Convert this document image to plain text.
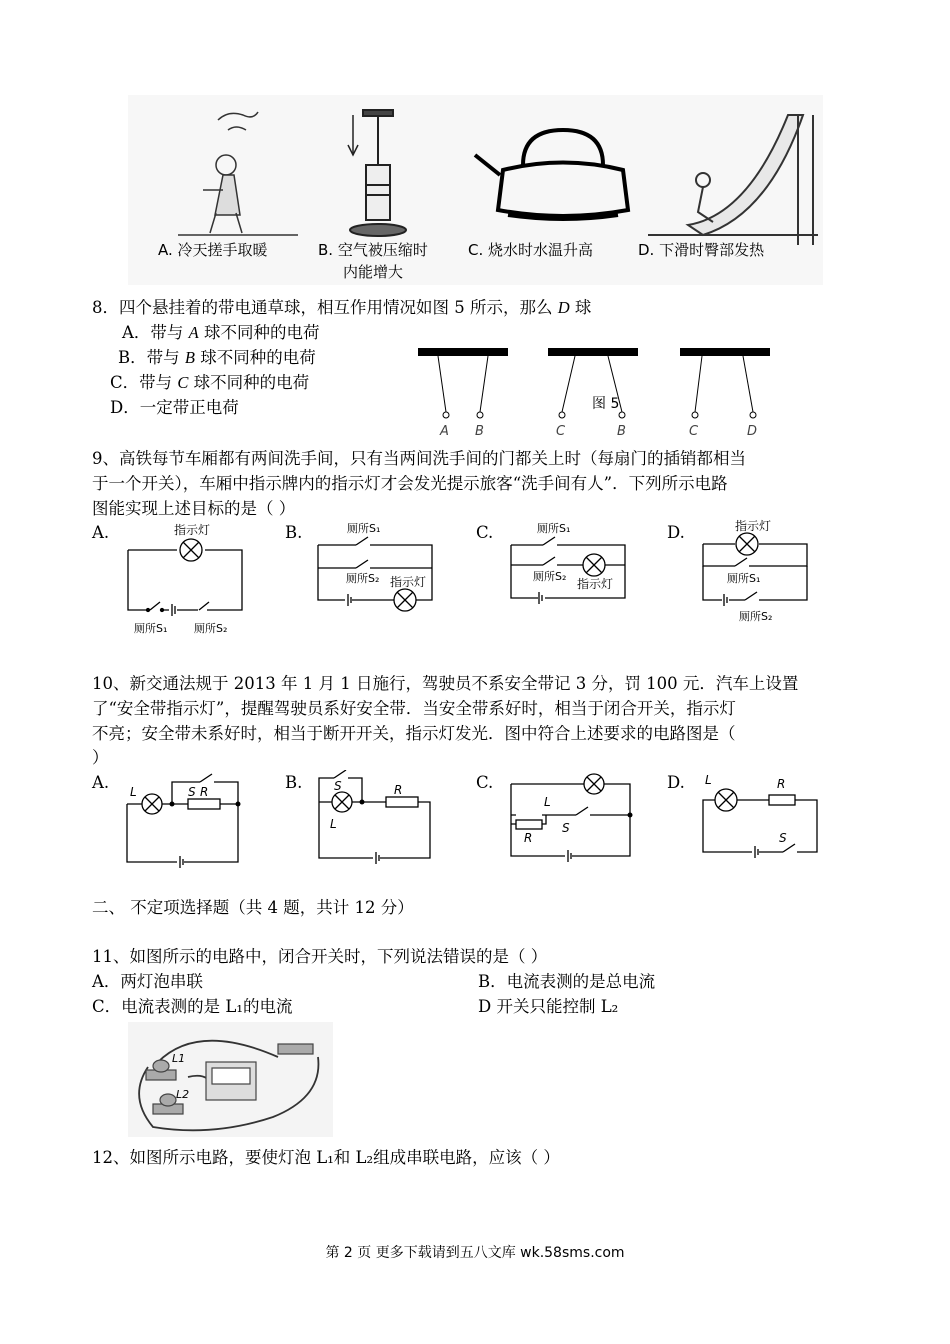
A. 冷天搓手取暖	B. 空气被压缩时
内能增大
C. 烧水时水温升高	D. 下滑时臀部发热
8．四个悬挂着的带电通草球，相互作用情况如图 5 所示，那么 D 球
A．带与 A 球不同种的电荷
B．带与 B 球不同种的电荷
C．带与 C 球不同种的电荷
D．一定带正电荷	图 5
A B	C	B	C	D
9、高铁每节车厢都有两间洗手间，只有当两间洗手间的门都关上时（每扇门的插销都相当
于一个开关），车厢中指示牌内的指示灯才会发光提示旅客“洗手间有人”．下列所示电路
图能实现上述目标的是（ ）
A.	B.	C.	D.
指示灯
厕所S₁ 厕所S₂
厕所S₁
厕所S₂ 指示灯
厕所S₁
厕所S₂
指示灯
指示灯
厕所S₁
厕所S₂
10、新交通法规于 2013 年 1 月 1 日施行，驾驶员不系安全带记 3 分，罚 100 元．汽车上设置
了“安全带指示灯”，提醒驾驶员系好安全带．当安全带系好时，相当于闭合开关，指示灯
不亮；安全带未系好时，相当于断开开关，指示灯发光．图中符合上述要求的电路图是（
）
A.	B.	C.	D.
L	S R	S	R
L
L
R
S
L	R
S
二、 不定项选择题（共 4 题，共计 12 分）
11、如图所示的电路中，闭合开关时，下列说法错误的是（ ）
A．两灯泡串联	B．电流表测的是总电流
C．电流表测的是 L₁的电流	D 开关只能控制 L₂
L1
L2
12、如图所示电路，要使灯泡 L₁和 L₂组成串联电路，应该（ ）
第 2 页 更多下载请到五八文库 wk.58sms.com
